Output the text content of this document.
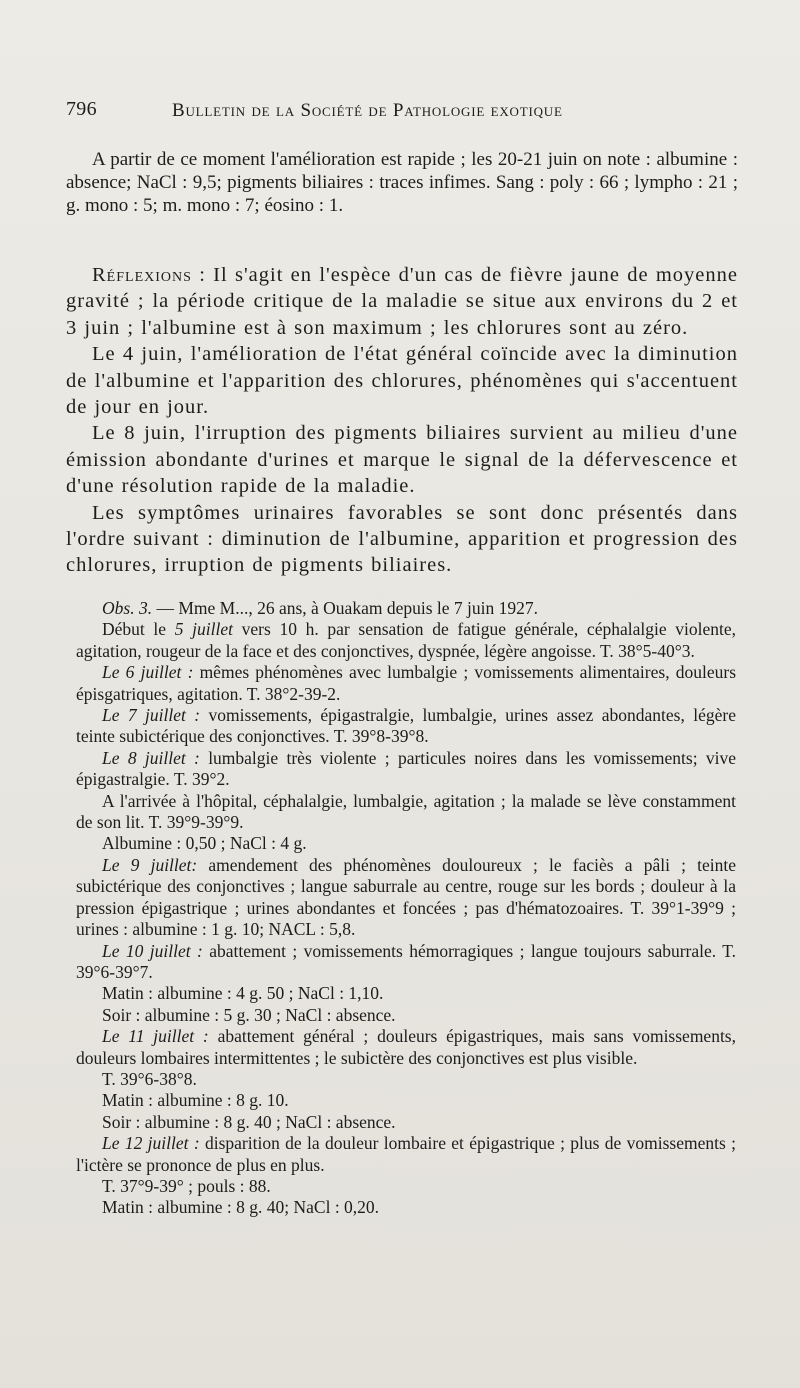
796	Bulletin de la Société de Pathologie exotique

A partir de ce moment l'amélioration est rapide ; les 20-21 juin on note : albumine : absence; NaCl : 9,5; pigments biliaires : traces infimes. Sang : poly : 66 ; lympho : 21 ; g. mono : 5; m. mono : 7; éosino : 1.

Réflexions : Il s'agit en l'espèce d'un cas de fièvre jaune de moyenne gravité ; la période critique de la maladie se situe aux environs du 2 et 3 juin ; l'albumine est à son maximum ; les chlorures sont au zéro.

Le 4 juin, l'amélioration de l'état général coïncide avec la diminution de l'albumine et l'apparition des chlorures, phénomènes qui s'accentuent de jour en jour.

Le 8 juin, l'irruption des pigments biliaires survient au milieu d'une émission abondante d'urines et marque le signal de la défervescence et d'une résolution rapide de la maladie.

Les symptômes urinaires favorables se sont donc présentés dans l'ordre suivant : diminution de l'albumine, apparition et progression des chlorures, irruption de pigments biliaires.

Obs. 3. — Mme M..., 26 ans, à Ouakam depuis le 7 juin 1927.

Début le 5 juillet vers 10 h. par sensation de fatigue générale, céphalalgie violente, agitation, rougeur de la face et des conjonctives, dyspnée, légère angoisse. T. 38°5-40°3.

Le 6 juillet : mêmes phénomènes avec lumbalgie ; vomissements alimentaires, douleurs épisgatriques, agitation. T. 38°2-39-2.

Le 7 juillet : vomissements, épigastralgie, lumbalgie, urines assez abondantes, légère teinte subictérique des conjonctives. T. 39°8-39°8.

Le 8 juillet : lumbalgie très violente ; particules noires dans les vomissements; vive épigastralgie. T. 39°2.

A l'arrivée à l'hôpital, céphalalgie, lumbalgie, agitation ; la malade se lève constamment de son lit. T. 39°9-39°9.

Albumine : 0,50 ; NaCl : 4 g.

Le 9 juillet: amendement des phénomènes douloureux ; le faciès a pâli ; teinte subictérique des conjonctives ; langue saburrale au centre, rouge sur les bords ; douleur à la pression épigastrique ; urines abondantes et foncées ; pas d'hématozoaires. T. 39°1-39°9 ; urines : albumine : 1 g. 10; NACL : 5,8.

Le 10 juillet : abattement ; vomissements hémorragiques ; langue toujours saburrale. T. 39°6-39°7.

Matin : albumine : 4 g. 50 ; NaCl : 1,10.

Soir : albumine : 5 g. 30 ; NaCl : absence.

Le 11 juillet : abattement général ; douleurs épigastriques, mais sans vomissements, douleurs lombaires intermittentes ; le subictère des conjonctives est plus visible.

T. 39°6-38°8.

Matin : albumine : 8 g. 10.

Soir : albumine : 8 g. 40 ; NaCl : absence.

Le 12 juillet : disparition de la douleur lombaire et épigastrique ; plus de vomissements ; l'ictère se prononce de plus en plus.

T. 37°9-39° ; pouls : 88.

Matin : albumine : 8 g. 40; NaCl : 0,20.
